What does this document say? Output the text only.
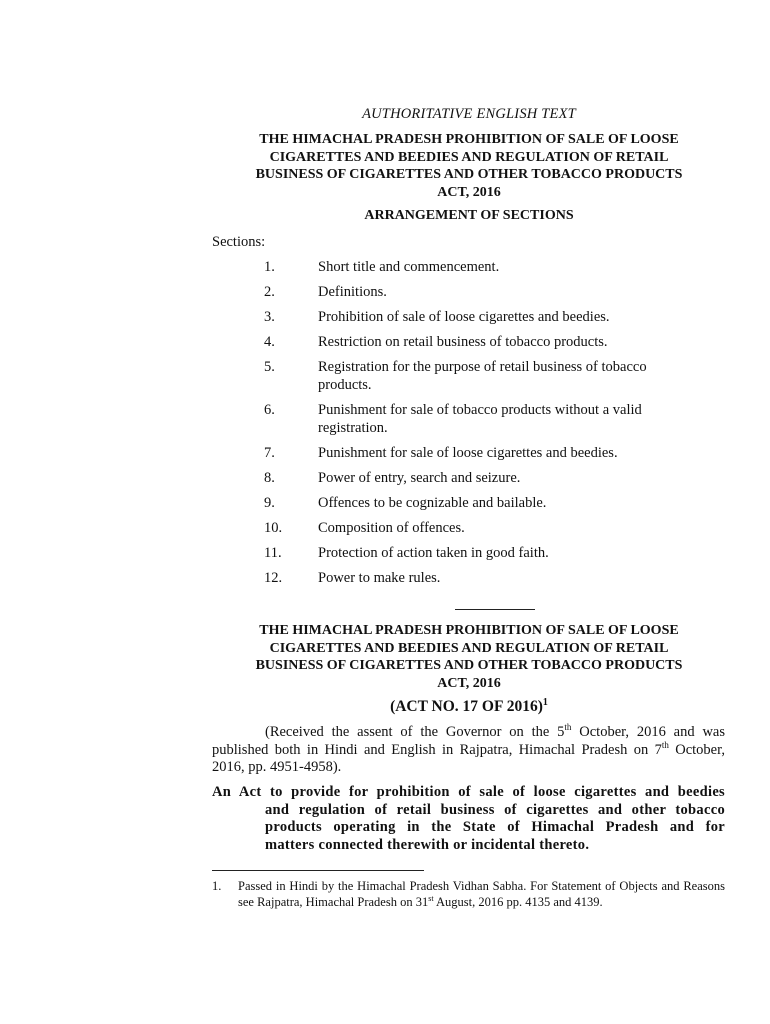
AUTHORITATIVE ENGLISH TEXT
THE HIMACHAL PRADESH PROHIBITION OF SALE OF LOOSE
CIGARETTES AND BEEDIES AND REGULATION OF RETAIL
BUSINESS OF CIGARETTES AND OTHER TOBACCO PRODUCTS
ACT, 2016
ARRANGEMENT OF SECTIONS
Sections:
1.	Short title and commencement.
2.	Definitions.
3.	Prohibition of sale of loose cigarettes and beedies.
4.	Restriction on retail business of tobacco products.
5.	Registration for the purpose of retail business of tobacco
products.
6.	Punishment for sale of tobacco products without a valid
registration.
7.	Punishment for sale of loose cigarettes and beedies.
8.	Power of entry, search and seizure.
9.	Offences to be cognizable and bailable.
10.	Composition of offences.
11.	Protection of action taken in good faith.
12.	Power to make rules.
THE HIMACHAL PRADESH PROHIBITION OF SALE OF LOOSE
CIGARETTES AND BEEDIES AND REGULATION OF RETAIL
BUSINESS OF CIGARETTES AND OTHER TOBACCO PRODUCTS
ACT, 2016
(ACT NO. 17 OF 2016)$^1$
(Received the assent of the Governor on the 5th October, 2016 and was published both in Hindi and English in Rajpatra, Himachal Pradesh on 7th October, 2016, pp. 4951-4958).
An Act to provide for prohibition of sale of loose cigarettes and beedies
and regulation of retail business of cigarettes and other tobacco
products operating in the State of Himachal Pradesh and for
matters connected therewith or incidental thereto.
1. Passed in Hindi by the Himachal Pradesh Vidhan Sabha. For Statement of Objects and Reasons see Rajpatra, Himachal Pradesh on 31st August, 2016 pp. 4135 and 4139.
